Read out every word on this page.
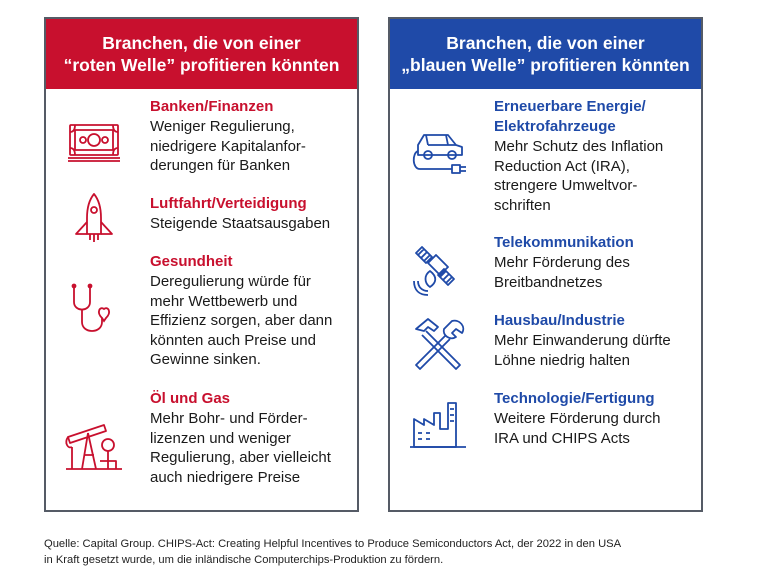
Branchen, die von einer
“roten Welle” profitieren könnten
Banken/Finanzen
Weniger Regulierung,
niedrigere Kapitalanfor-
derungen für Banken
Luftfahrt/Verteidigung
Steigende Staatsausgaben
Gesundheit
Deregulierung würde für
mehr Wettbewerb und
Effizienz sorgen, aber dann
könnten auch Preise und
Gewinne sinken.
Öl und Gas
Mehr Bohr- und Förder-
lizenzen und weniger
Regulierung, aber vielleicht
auch niedrigere Preise
Branchen, die von einer
„blauen Welle” profitieren könnten
Erneuerbare Energie/
Elektrofahrzeuge
Mehr Schutz des Inflation
Reduction Act (IRA),
strengere Umweltvor-
schriften
Telekommunikation
Mehr Förderung des
Breitbandnetzes
Hausbau/Industrie
Mehr Einwanderung dürfte
Löhne niedrig halten
Technologie/Fertigung
Weitere Förderung durch
IRA und CHIPS Acts
Quelle: Capital Group. CHIPS-Act: Creating Helpful Incentives to Produce Semiconductors Act, der 2022 in den USA
in Kraft gesetzt wurde, um die inländische Computerchips-Produktion zu fördern.
